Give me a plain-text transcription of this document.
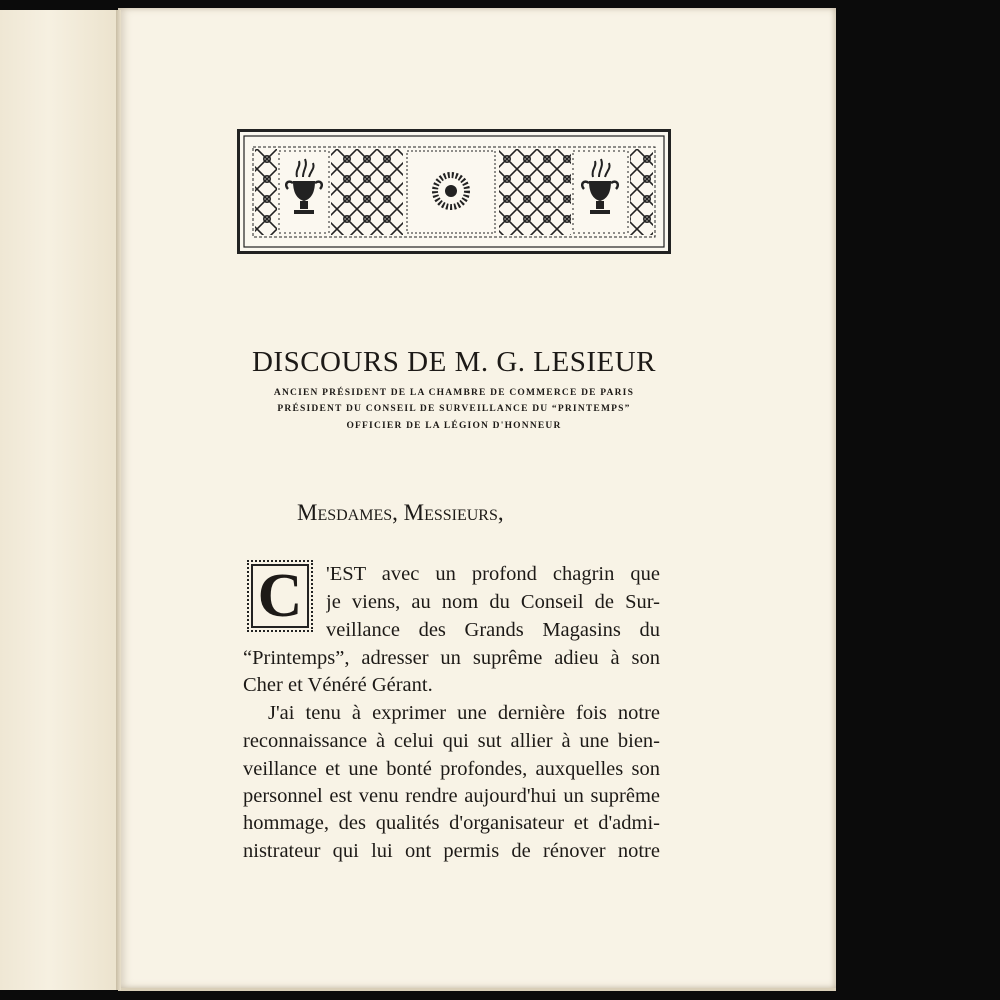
DISCOURS DE M. G. LESIEUR
ANCIEN PRÉSIDENT DE LA CHAMBRE DE COMMERCE DE PARIS
PRÉSIDENT DU CONSEIL DE SURVEILLANCE DU “PRINTEMPS”
OFFICIER DE LA LÉGION D'HONNEUR
Mesdames, Messieurs,
C 'EST avec un profond chagrin que
je viens, au nom du Conseil de Sur-
veillance des Grands Magasins du
“Printemps”, adresser un suprême adieu à son
Cher et Vénéré Gérant.
J'ai tenu à exprimer une dernière fois notre
reconnaissance à celui qui sut allier à une bien-
veillance et une bonté profondes, auxquelles son
personnel est venu rendre aujourd'hui un suprême
hommage, des qualités d'organisateur et d'admi-
nistrateur qui lui ont permis de rénover notre
